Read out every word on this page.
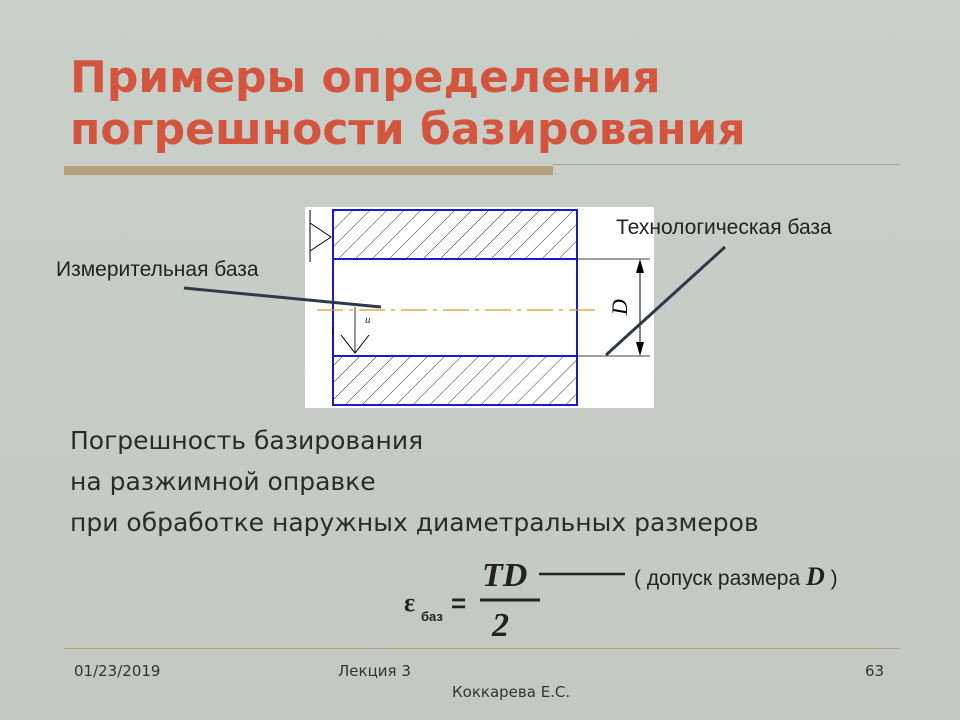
Примеры определения
погрешности базирования
D
u
Измерительная база
Технологическая база
Погрешность базирования
на разжимной оправке
при обработке наружных диаметральных размеров
ε баз =
TD
2
( допуск размера D )
01/23/2019	Лекция 3
Коккарева Е.С.
63
